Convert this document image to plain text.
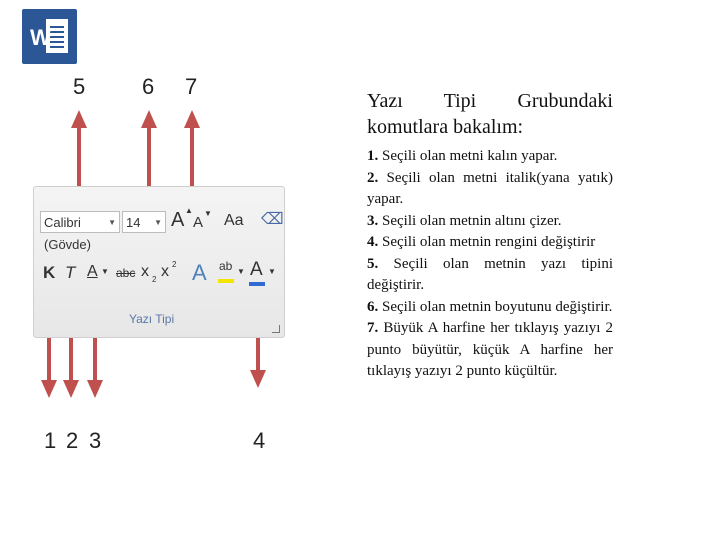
W
5	6 7
1 2 3	4
Calibri (Gövde)
▼ 14 ▼ A ▲
A
▼ Aa ⌫
K T A ▼ abc x 2 x 2 A ab ▼ A ▼
Yazı Tipi

Yazı Tipi Grubundaki komutlara bakalım:

1. Seçili olan metni kalın yapar.

2. Seçili olan metni italik(yana yatık) yapar.

3. Seçili olan metnin altını çizer.

4. Seçili olan metnin rengini değiştirir

5. Seçili olan metnin yazı tipini değiştirir.

6. Seçili olan metnin boyutunu değiştirir.

7. Büyük A harfine her tıklayış yazıyı 2 punto büyütür, küçük A harfine her tıklayış yazıyı 2 punto küçültür.
